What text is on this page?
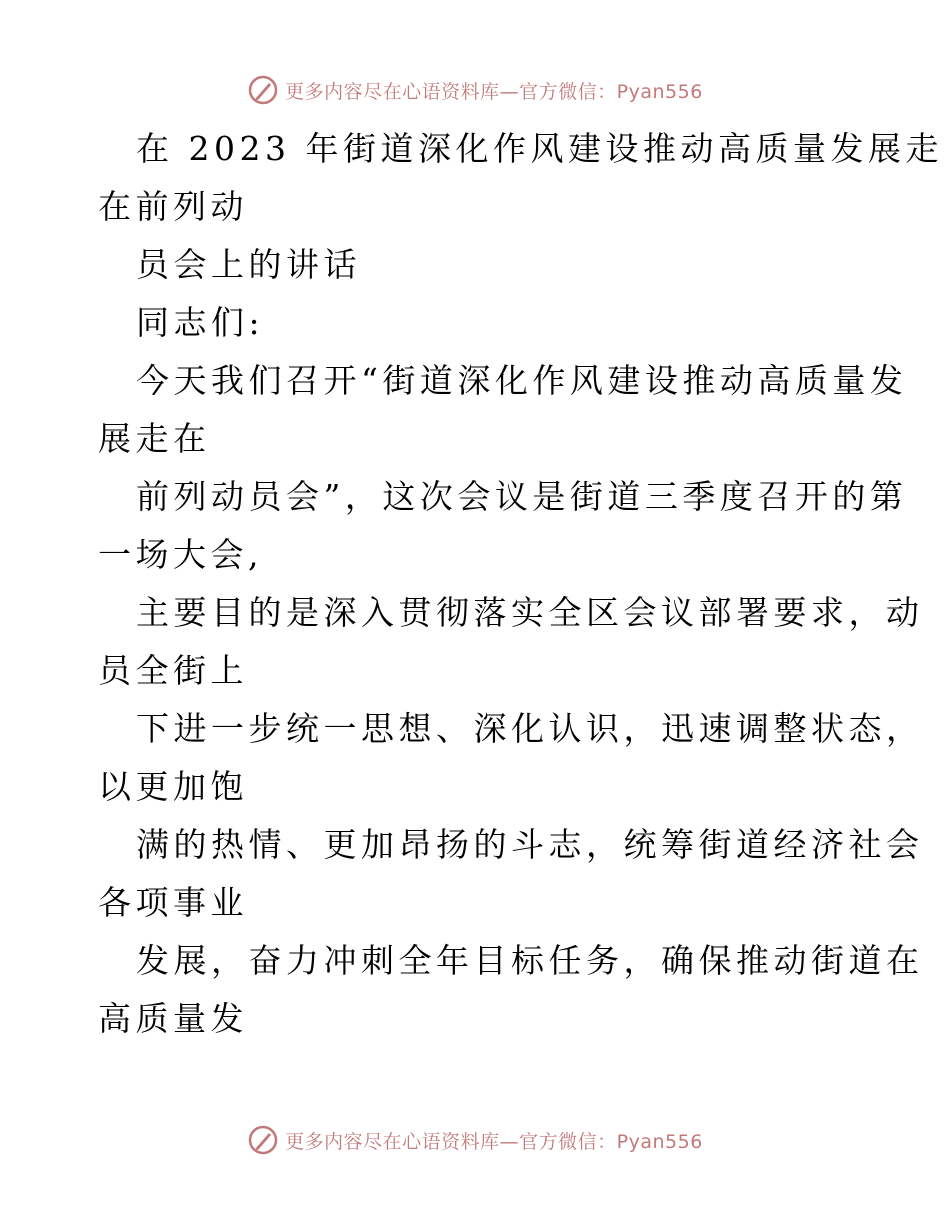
更多内容尽在心语资料库—官方微信：Pyan556
在 2023 年街道深化作风建设推动高质量发展走
在前列动
员会上的讲话
同志们:
今天我们召开“街道深化作风建设推动高质量发
展走在
前列动员会”，这次会议是街道三季度召开的第
一场大会,
主要目的是深入贯彻落实全区会议部署要求，动
员全街上
下进一步统一思想、深化认识，迅速调整状态，
以更加饱
满的热情、更加昂扬的斗志，统筹街道经济社会
各项事业
发展，奋力冲刺全年目标任务，确保推动街道在
高质量发
更多内容尽在心语资料库—官方微信：Pyan556
